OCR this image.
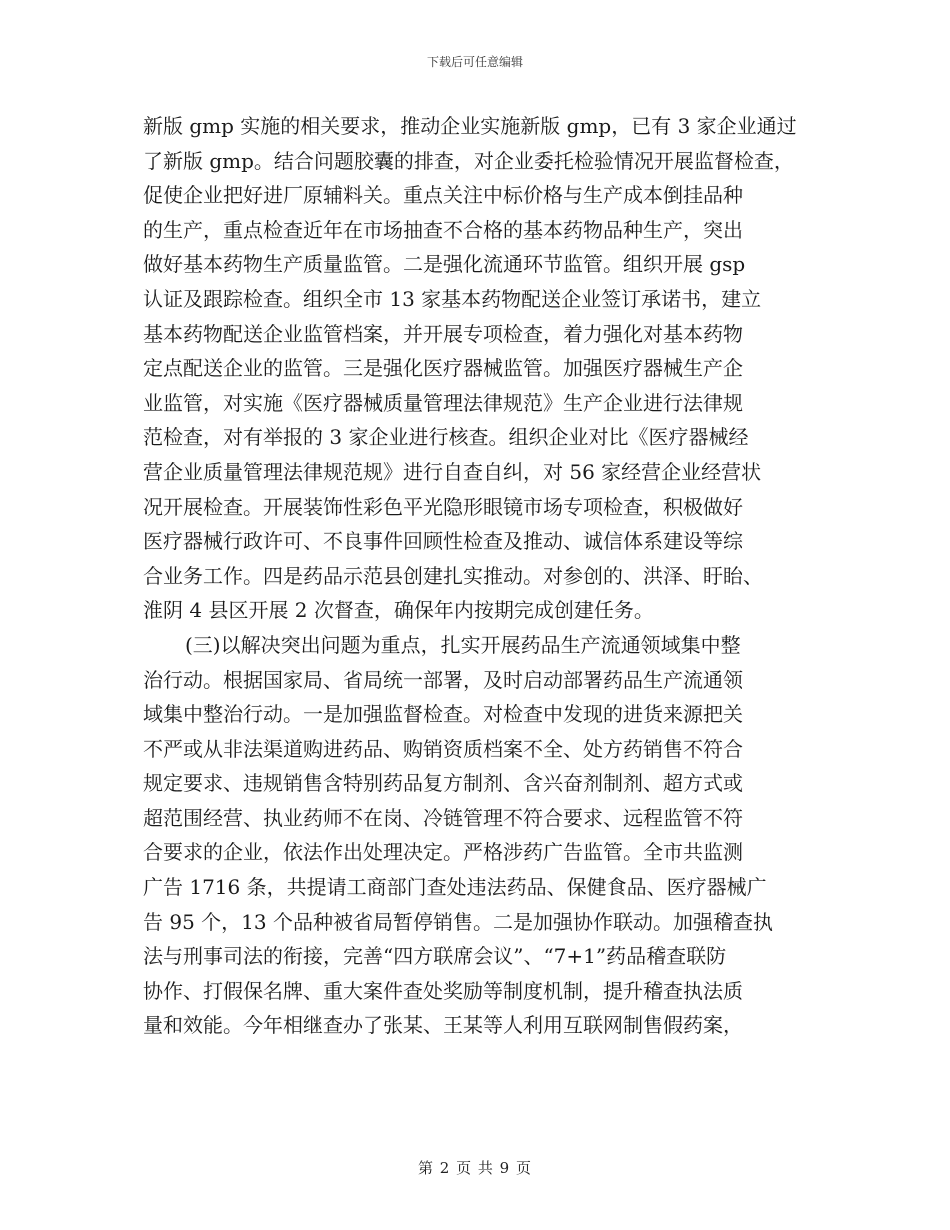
下载后可任意编辑
新版 gmp 实施的相关要求，推动企业实施新版 gmp，已有 3 家企业通过
了新版 gmp。结合问题胶囊的排查，对企业委托检验情况开展监督检查，
促使企业把好进厂原辅料关。重点关注中标价格与生产成本倒挂品种
的生产，重点检查近年在市场抽查不合格的基本药物品种生产，突出
做好基本药物生产质量监管。二是强化流通环节监管。组织开展 gsp
认证及跟踪检查。组织全市 13 家基本药物配送企业签订承诺书，建立
基本药物配送企业监管档案，并开展专项检查，着力强化对基本药物
定点配送企业的监管。三是强化医疗器械监管。加强医疗器械生产企
业监管，对实施《医疗器械质量管理法律规范》生产企业进行法律规
范检查，对有举报的 3 家企业进行核查。组织企业对比《医疗器械经
营企业质量管理法律规范规》进行自查自纠，对 56 家经营企业经营状
况开展检查。开展装饰性彩色平光隐形眼镜市场专项检查，积极做好
医疗器械行政许可、不良事件回顾性检查及推动、诚信体系建设等综
合业务工作。四是药品示范县创建扎实推动。对参创的、洪泽、盱眙、
淮阴 4 县区开展 2 次督查，确保年内按期完成创建任务。
(三)以解决突出问题为重点，扎实开展药品生产流通领域集中整
治行动。根据国家局、省局统一部署，及时启动部署药品生产流通领
域集中整治行动。一是加强监督检查。对检查中发现的进货来源把关
不严或从非法渠道购进药品、购销资质档案不全、处方药销售不符合
规定要求、违规销售含特别药品复方制剂、含兴奋剂制剂、超方式或
超范围经营、执业药师不在岗、冷链管理不符合要求、远程监管不符
合要求的企业，依法作出处理决定。严格涉药广告监管。全市共监测
广告 1716 条，共提请工商部门查处违法药品、保健食品、医疗器械广
告 95 个，13 个品种被省局暂停销售。二是加强协作联动。加强稽查执
法与刑事司法的衔接，完善“四方联席会议”、“7+1”药品稽查联防
协作、打假保名牌、重大案件查处奖励等制度机制，提升稽查执法质
量和效能。今年相继查办了张某、王某等人利用互联网制售假药案，
第 2 页 共 9 页
